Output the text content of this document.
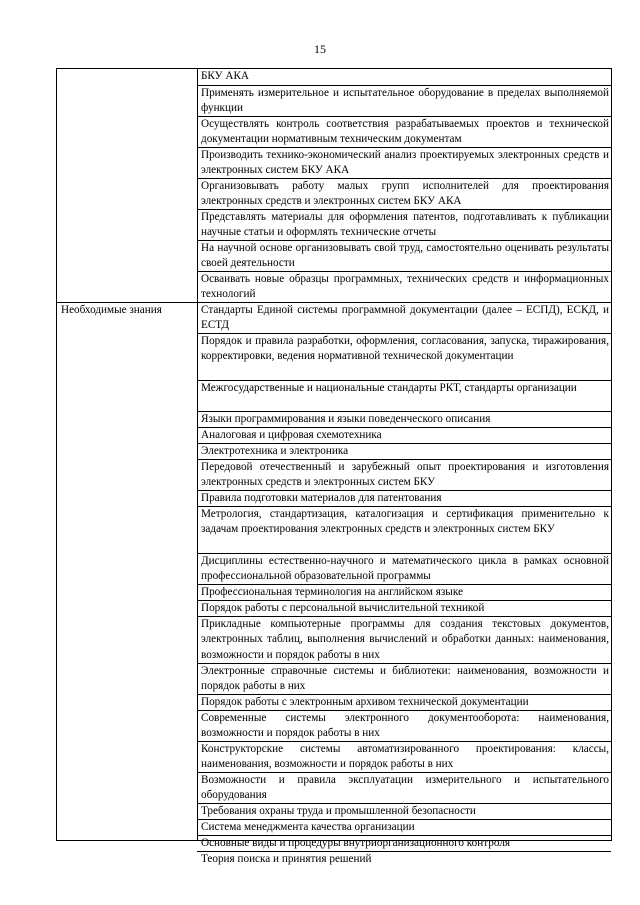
15
БКУ АКА
Применять измерительное и испытательное оборудование в пределах выполняемой функции
Осуществлять контроль соответствия разрабатываемых проектов и технической документации нормативным техническим документам
Производить технико-экономический анализ проектируемых электронных средств и электронных систем БКУ АКА
Организовывать работу малых групп исполнителей для проектирования электронных средств и электронных систем БКУ АКА
Представлять материалы для оформления патентов, подготавливать к публикации научные статьи и оформлять технические отчеты
На научной основе организовывать свой труд, самостоятельно оценивать результаты своей деятельности
Осваивать новые образцы программных, технических средств и информационных технологий
Необходимые знания	Стандарты Единой системы программной документации (далее – ЕСПД), ЕСКД, и ЕСТД
Порядок и правила разработки, оформления, согласования, запуска, тиражирования, корректировки, ведения нормативной технической документации
Межгосударственные и национальные стандарты РКТ, стандарты организации
Языки программирования и языки поведенческого описания
Аналоговая и цифровая схемотехника
Электротехника и электроника
Передовой отечественный и зарубежный опыт проектирования и изготовления электронных средств и электронных систем БКУ
Правила подготовки материалов для патентования
Метрология, стандартизация, каталогизация и сертификация применительно к задачам проектирования электронных средств и электронных систем БКУ
Дисциплины естественно-научного и математического цикла в рамках основной профессиональной образовательной программы
Профессиональная терминология на английском языке
Порядок работы с персональной вычислительной техникой
Прикладные компьютерные программы для создания текстовых документов, электронных таблиц, выполнения вычислений и обработки данных: наименования, возможности и порядок работы в них
Электронные справочные системы и библиотеки: наименования, возможности и порядок работы в них
Порядок работы с электронным архивом технической документации
Современные системы электронного документооборота: наименования, возможности и порядок работы в них
Конструкторские системы автоматизированного проектирования: классы, наименования, возможности и порядок работы в них
Возможности и правила эксплуатации измерительного и испытательного оборудования
Требования охраны труда и промышленной безопасности
Система менеджмента качества организации
Основные виды и процедуры внутриорганизационного контроля
Теория поиска и принятия решений
